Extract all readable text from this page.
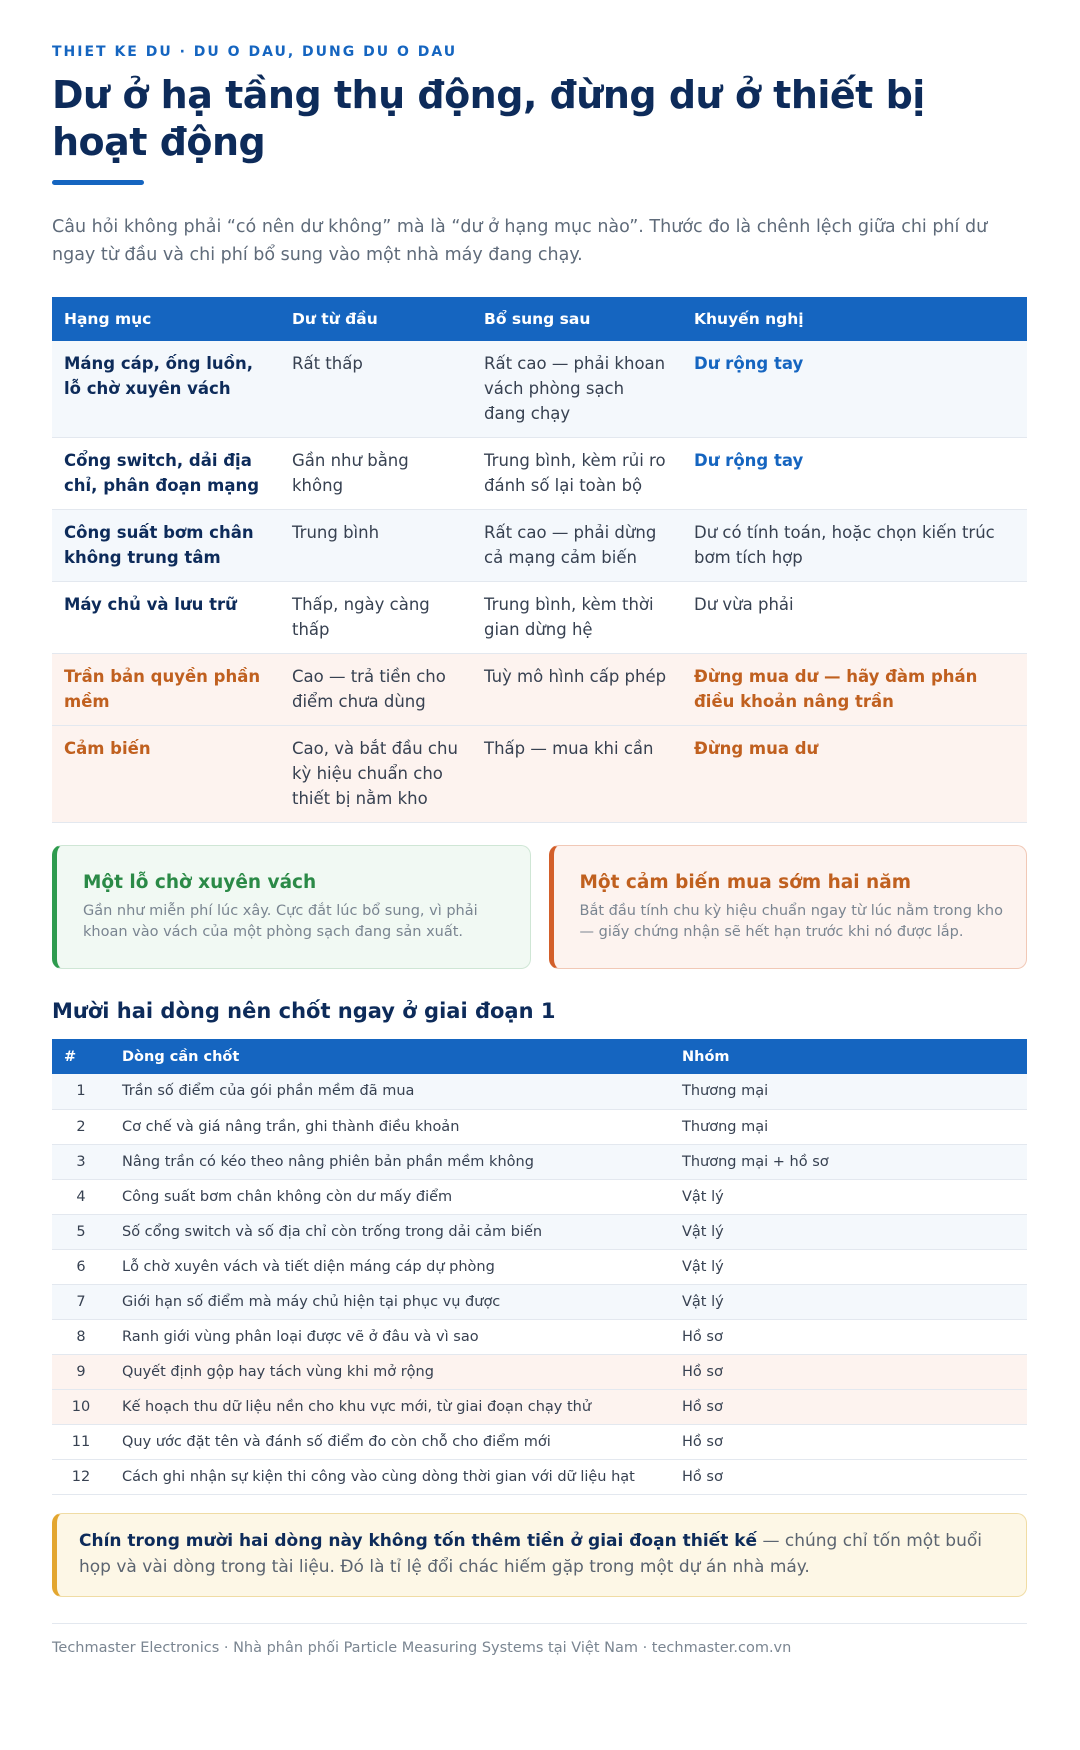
THIET KE DU · DU O DAU, DUNG DU O DAU
Dư ở hạ tầng thụ động, đừng dư ở thiết bị hoạt động

Câu hỏi không phải “có nên dư không” mà là “dư ở hạng mục nào”. Thước đo là chênh lệch giữa chi phí dư ngay từ đầu và chi phí bổ sung vào một nhà máy đang chạy.

Hạng mục	Dư từ đầu	Bổ sung sau	Khuyến nghị
Máng cáp, ống luồn, lỗ chờ xuyên vách	Rất thấp	Rất cao — phải khoan vách phòng sạch đang chạy	Dư rộng tay
Cổng switch, dải địa chỉ, phân đoạn mạng	Gần như bằng không	Trung bình, kèm rủi ro đánh số lại toàn bộ	Dư rộng tay
Công suất bơm chân không trung tâm	Trung bình	Rất cao — phải dừng cả mạng cảm biến	Dư có tính toán, hoặc chọn kiến trúc bơm tích hợp
Máy chủ và lưu trữ	Thấp, ngày càng thấp	Trung bình, kèm thời gian dừng hệ	Dư vừa phải
Trần bản quyền phần mềm	Cao — trả tiền cho điểm chưa dùng	Tuỳ mô hình cấp phép	Đừng mua dư — hãy đàm phán điều khoản nâng trần
Cảm biến	Cao, và bắt đầu chu kỳ hiệu chuẩn cho thiết bị nằm kho	Thấp — mua khi cần	Đừng mua dư
Một lỗ chờ xuyên vách
Gần như miễn phí lúc xây. Cực đắt lúc bổ sung, vì phải khoan vào vách của một phòng sạch đang sản xuất.
Một cảm biến mua sớm hai năm
Bắt đầu tính chu kỳ hiệu chuẩn ngay từ lúc nằm trong kho — giấy chứng nhận sẽ hết hạn trước khi nó được lắp.
Mười hai dòng nên chốt ngay ở giai đoạn 1
#	Dòng cần chốt	Nhóm
1	Trần số điểm của gói phần mềm đã mua	Thương mại
2	Cơ chế và giá nâng trần, ghi thành điều khoản	Thương mại
3	Nâng trần có kéo theo nâng phiên bản phần mềm không	Thương mại + hồ sơ
4	Công suất bơm chân không còn dư mấy điểm	Vật lý
5	Số cổng switch và số địa chỉ còn trống trong dải cảm biến	Vật lý
6	Lỗ chờ xuyên vách và tiết diện máng cáp dự phòng	Vật lý
7	Giới hạn số điểm mà máy chủ hiện tại phục vụ được	Vật lý
8	Ranh giới vùng phân loại được vẽ ở đâu và vì sao	Hồ sơ
9	Quyết định gộp hay tách vùng khi mở rộng	Hồ sơ
10	Kế hoạch thu dữ liệu nền cho khu vực mới, từ giai đoạn chạy thử	Hồ sơ
11	Quy ước đặt tên và đánh số điểm đo còn chỗ cho điểm mới	Hồ sơ
12	Cách ghi nhận sự kiện thi công vào cùng dòng thời gian với dữ liệu hạt	Hồ sơ
Chín trong mười hai dòng này không tốn thêm tiền ở giai đoạn thiết kế — chúng chỉ tốn một buổi họp và vài dòng trong tài liệu. Đó là tỉ lệ đổi chác hiếm gặp trong một dự án nhà máy.
Techmaster Electronics · Nhà phân phối Particle Measuring Systems tại Việt Nam · techmaster.com.vn
